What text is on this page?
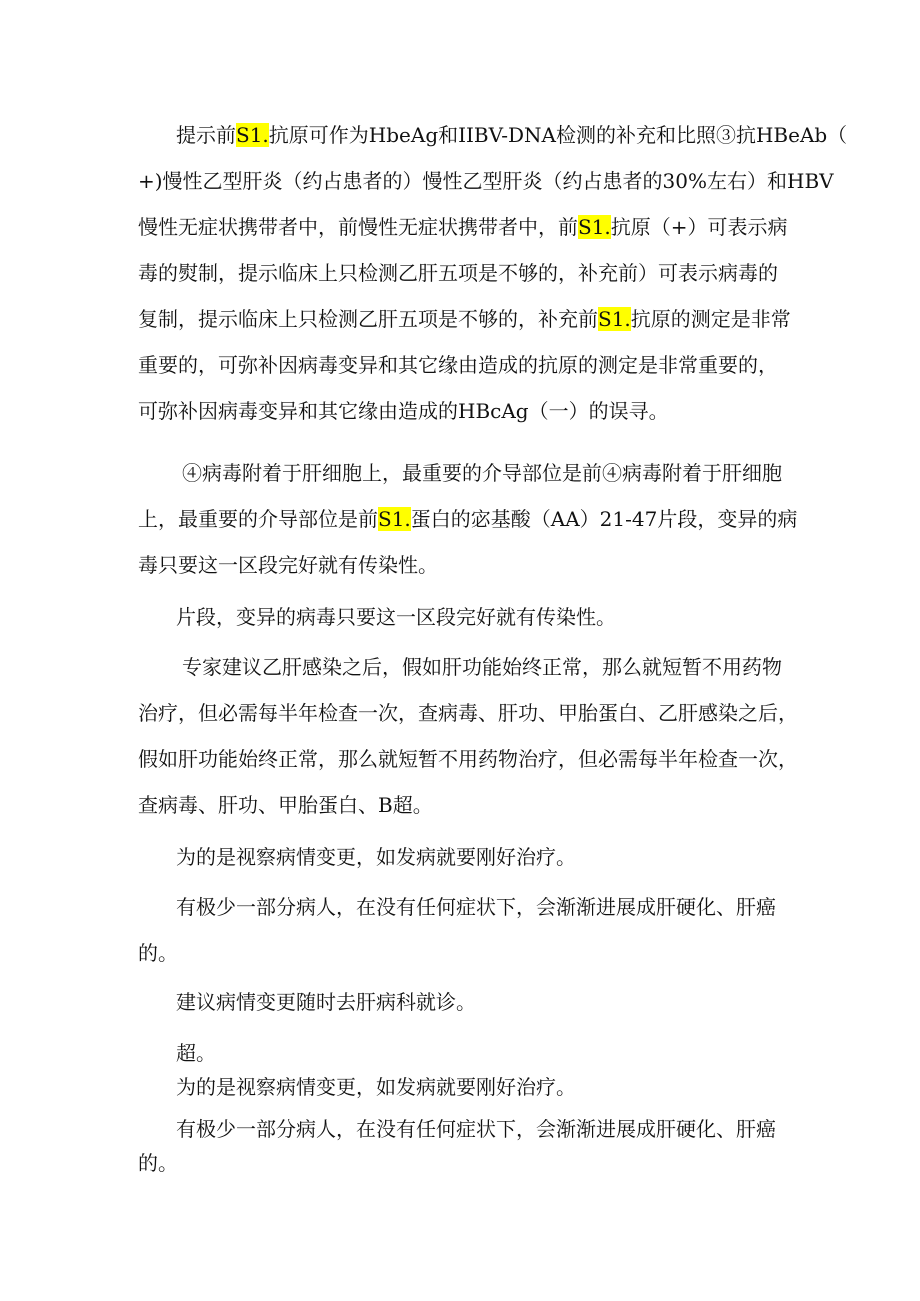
提示前S1.抗原可作为HbeAg和IIBV-DNA检测的补充和比照③抗HBeAb（
+)慢性乙型肝炎（约占患者的）慢性乙型肝炎（约占患者的30%左右）和HBV
慢性无症状携带者中，前慢性无症状携带者中，前S1.抗原（+）可表示病
毒的熨制，提示临床上只检测乙肝五项是不够的，补充前）可表示病毒的
复制，提示临床上只检测乙肝五项是不够的，补充前S1.抗原的测定是非常
重要的，可弥补因病毒变异和其它缘由造成的抗原的测定是非常重要的，
可弥补因病毒变异和其它缘由造成的HBcAg（一）的误寻。
④病毒附着于肝细胞上，最重要的介导部位是前④病毒附着于肝细胞
上，最重要的介导部位是前S1.蛋白的宓基酸（AA）21-47片段，变异的病
毒只要这一区段完好就有传染性。
片段，变异的病毒只要这一区段完好就有传染性。
专家建议乙肝感染之后，假如肝功能始终正常，那么就短暂不用药物
治疗，但必需每半年检查一次，查病毒、肝功、甲胎蛋白、乙肝感染之后，
假如肝功能始终正常，那么就短暂不用药物治疗，但必需每半年检查一次，
查病毒、肝功、甲胎蛋白、B超。
为的是视察病情变更，如发病就要刚好治疗。
有极少一部分病人，在没有任何症状下，会渐渐进展成肝硬化、肝癌
的。
建议病情变更随时去肝病科就诊。
超。
为的是视察病情变更，如发病就要刚好治疗。
有极少一部分病人，在没有任何症状下，会渐渐进展成肝硬化、肝癌
的。
